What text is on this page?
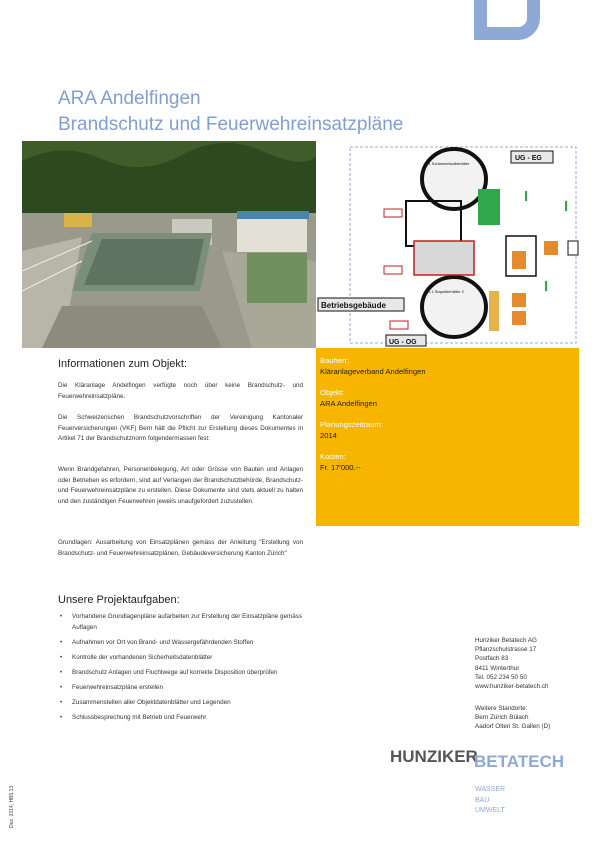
ARA Andelfingen
Brandschutz und Feuerwehreinsatzpläne
UG - EG
UG - OG
Betriebsgebäude
1:1 Schlammfaulbehälter
1:1 Stapelbehälter 2
Bauherr:
Kläranlageverband Andelfingen
Objekt:
ARA Andelfingen
Planungszeitraum:
2014
Kosten:
Fr. 17'000.--
Informationen zum Objekt:
Die Kläranlage Andelfingen verfügte noch über keine Brandschutz- und Feuerwehreinsatzpläne.
Die Schweizerischen Brandschutzvorschriften der Vereinigung Kantonaler Feuerversicherungen (VKF) Bern hält die Pflicht zur Erstellung dieses Dokumentes in Artikel 71 der Brandschutznorm folgendermassen fest:
Wenn Brandgefahren, Personenbelegung, Art oder Grösse von Bauten und Anlagen oder Betrieben es erfordern, sind auf Verlangen der Brandschutzbehörde, Brandschutz- und Feuerwehreinsatzpläne zu erstellen. Diese Dokumente sind stets aktuell zu halten und den zuständigen Feuerwehren jeweils unaufgefordert zuzustellen.
Grundlagen: Ausarbeitung von Einsatzplänen gemäss der Anleitung "Erstellung von Brandschutz- und Feuerwehreinsatzplänen, Gebäudeversicherung Kanton Zürich"
Unsere Projektaufgaben:
• Vorhandene Grundlagenpläne aufarbeiten zur Erstellung der Einsatzpläne gemäss Auflagen
• Aufnahmen vor Ort von Brand- und Wassergefährdenden Stoffen
• Kontrolle der vorhandenen Sicherheitsdatenblätter
• Brandschutz Anlagen und Fluchtwege auf korrekte Disposition überprüfen
• Feuerwehreinsatzpläne erstellen
• Zusammenstellen aller Objektdatenblätter und Legenden
• Schlussbesprechung mit Betrieb und Feuerwehr
Hunziker Betatech AG
Pflanzschulstrasse 17
Postfach 83
8411 Winterthur
Tel. 052 234 50 50
www.hunziker-betatech.ch
Weitere Standorte:
Bern Zürich Bülach
Aadorf Olten St. Gallen (D)
HUNZIKER
BETATECH
WASSER
BAU
UMWELT
Dez. 2014, HB5,13
